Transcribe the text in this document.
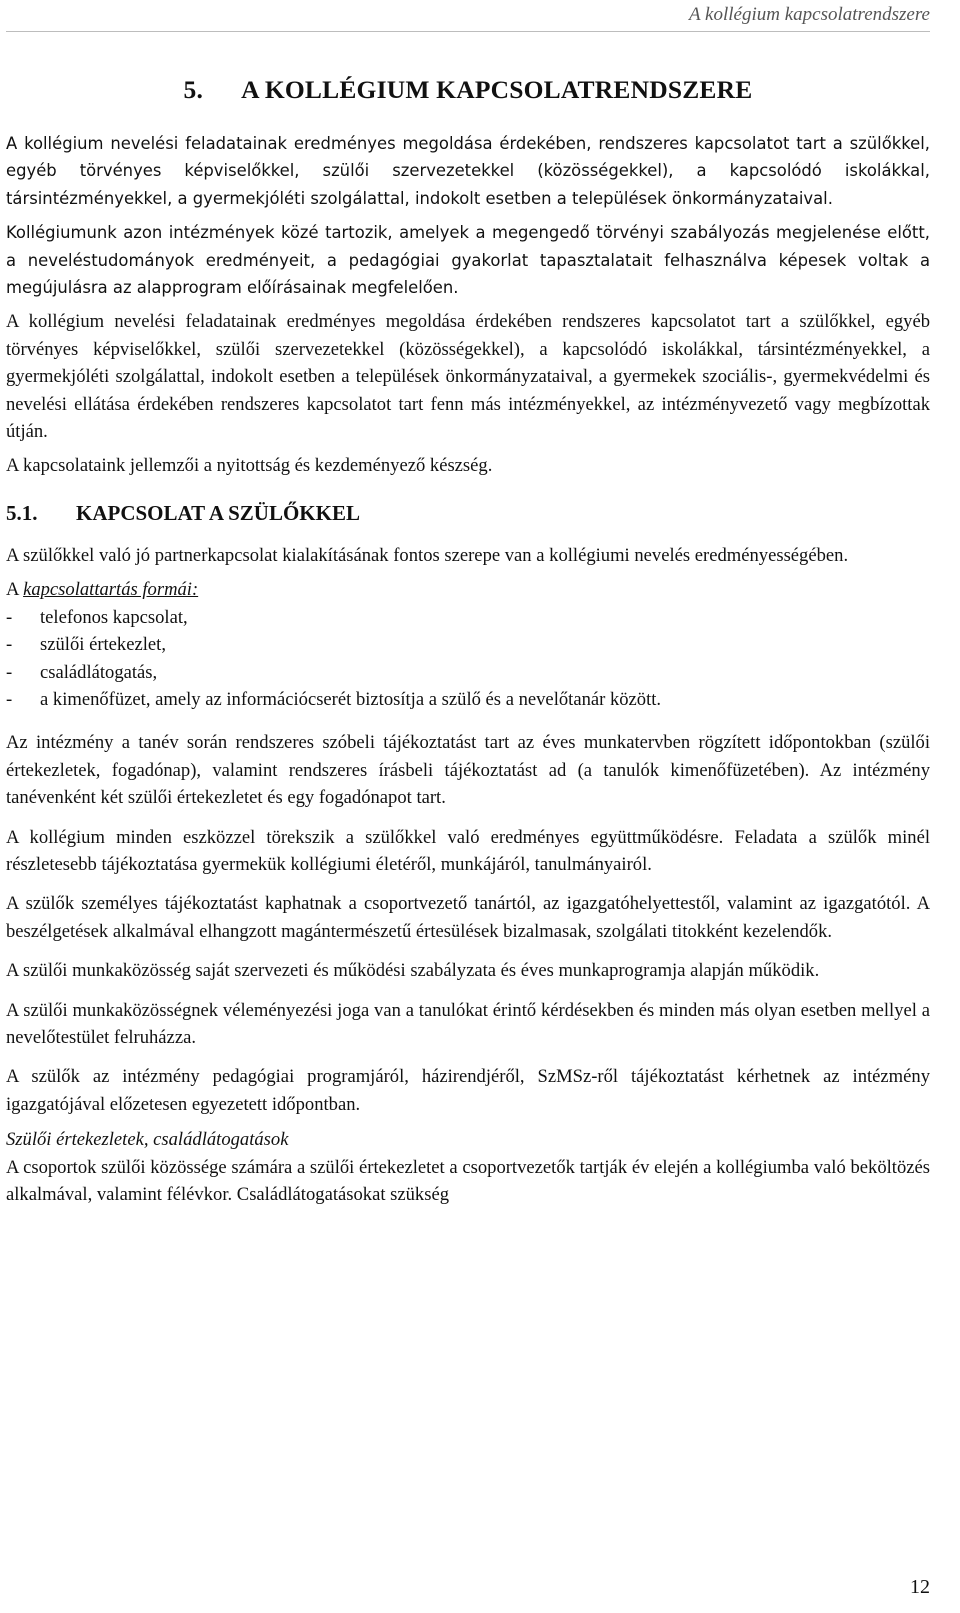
A kollégium kapcsolatrendszere
5. A KOLLÉGIUM KAPCSOLATRENDSZERE

A kollégium nevelési feladatainak eredményes megoldása érdekében, rendszeres kapcsolatot tart a szülőkkel, egyéb törvényes képviselőkkel, szülői szervezetekkel (közösségekkel), a kapcsolódó iskolákkal, társintézményekkel, a gyermekjóléti szolgálattal, indokolt esetben a települések önkormányzataival.

Kollégiumunk azon intézmények közé tartozik, amelyek a megengedő törvényi szabályozás megjelenése előtt, a neveléstudományok eredményeit, a pedagógiai gyakorlat tapasztalatait felhasználva képesek voltak a megújulásra az alapprogram előírásainak megfelelően.

A kollégium nevelési feladatainak eredményes megoldása érdekében rendszeres kapcsolatot tart a szülőkkel, egyéb törvényes képviselőkkel, szülői szervezetekkel (közösségekkel), a kapcsolódó iskolákkal, társintézményekkel, a gyermekjóléti szolgálattal, indokolt esetben a települések önkormányzataival, a gyermekek szociális-, gyermekvédelmi és nevelési ellátása érdekében rendszeres kapcsolatot tart fenn más intézményekkel, az intézményvezető vagy megbízottak útján.

A kapcsolataink jellemzői a nyitottság és kezdeményező készség.

5.1. KAPCSOLAT A SZÜLŐKKEL

A szülőkkel való jó partnerkapcsolat kialakításának fontos szerepe van a kollégiumi nevelés eredményességében.

A kapcsolattartás formái:
- telefonos kapcsolat,
- szülői értekezlet,
- családlátogatás,
- a kimenőfüzet, amely az információcserét biztosítja a szülő és a nevelőtanár között.

Az intézmény a tanév során rendszeres szóbeli tájékoztatást tart az éves munkatervben rögzített időpontokban (szülői értekezletek, fogadónap), valamint rendszeres írásbeli tájékoztatást ad (a tanulók kimenőfüzetében). Az intézmény tanévenként két szülői értekezletet és egy fogadónapot tart.

A kollégium minden eszközzel törekszik a szülőkkel való eredményes együttműködésre. Feladata a szülők minél részletesebb tájékoztatása gyermekük kollégiumi életéről, munkájáról, tanulmányairól.

A szülők személyes tájékoztatást kaphatnak a csoportvezető tanártól, az igazgatóhelyettestől, valamint az igazgatótól. A beszélgetések alkalmával elhangzott magántermészetű értesülések bizalmasak, szolgálati titokként kezelendők.

A szülői munkaközösség saját szervezeti és működési szabályzata és éves munkaprogramja alapján működik.

A szülői munkaközösségnek véleményezési joga van a tanulókat érintő kérdésekben és minden más olyan esetben mellyel a nevelőtestület felruházza.

A szülők az intézmény pedagógiai programjáról, házirendjéről, SzMSz-ről tájékoztatást kérhetnek az intézmény igazgatójával előzetesen egyezetett időpontban.

Szülői értekezletek, családlátogatások

A csoportok szülői közössége számára a szülői értekezletet a csoportvezetők tartják év elején a kollégiumba való beköltözés alkalmával, valamint félévkor. Családlátogatásokat szükség

12
